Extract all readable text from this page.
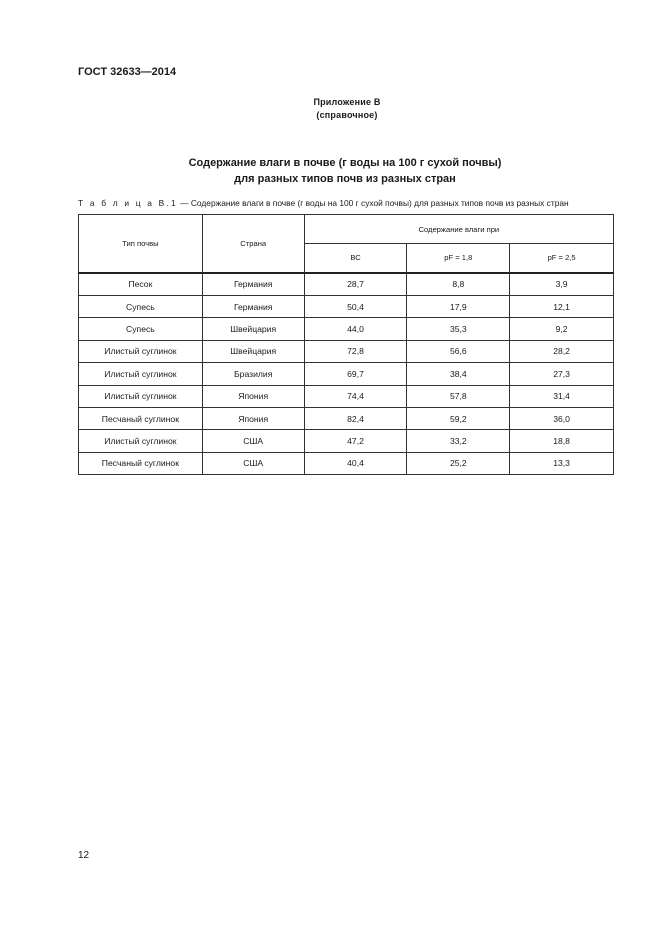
ГОСТ 32633—2014
Приложение В
(справочное)
Содержание влаги в почве (г воды на 100 г сухой почвы)
для разных типов почв из разных стран
Т а б л и ц а В.1 — Содержание влаги в почве (г воды на 100 г сухой почвы) для разных типов почв из разных стран
Тип почвы	Страна	Содержание влаги при		
		ВС	pF = 1,8	pF = 2,5
Песок	Германия	28,7	8,8	3,9
Супесь	Германия	50,4	17,9	12,1
Супесь	Швейцария	44,0	35,3	9,2
Илистый суглинок	Швейцария	72,8	56,6	28,2
Илистый суглинок	Бразилия	69,7	38,4	27,3
Илистый суглинок	Япония	74,4	57,8	31,4
Песчаный суглинок	Япония	82,4	59,2	36,0
Илистый суглинок	США	47,2	33,2	18,8
Песчаный суглинок	США	40,4	25,2	13,3
12
